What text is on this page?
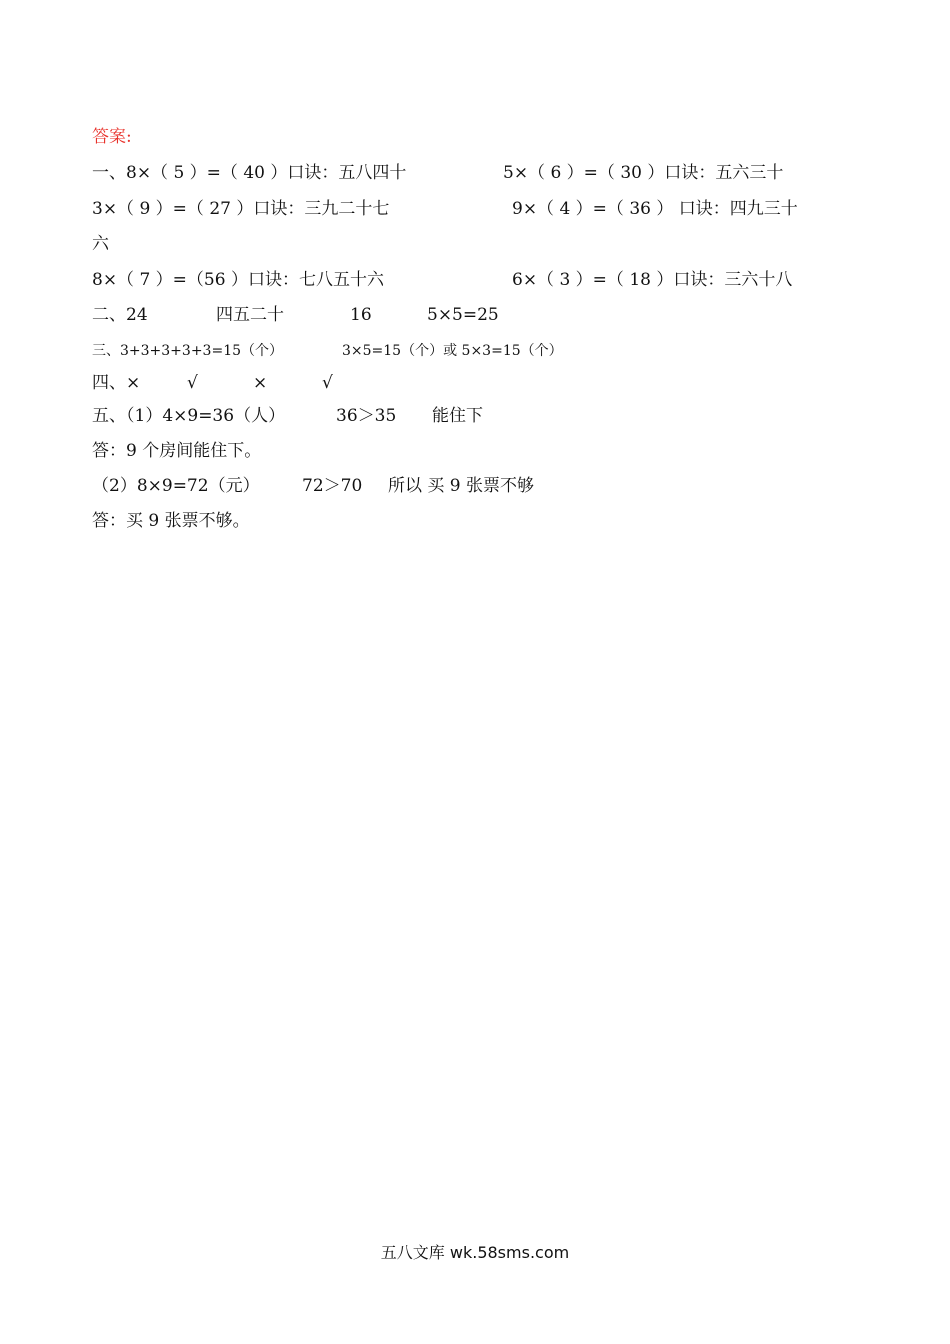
答案:
一、8×（ 5 ）=（ 40 ）口诀：五八四十	5×（ 6 ）=（ 30 ）口诀：五六三十
3×（ 9 ）=（ 27 ）口诀：三九二十七	9×（ 4 ）=（ 36 ） 口诀：四九三十
六
8×（ 7 ）=（56 ）口诀：七八五十六	6×（ 3 ）=（ 18 ）口诀：三六十八
二、24	四五二十	16	5×5=25
三、3+3+3+3+3=15（个）	3×5=15（个）或 5×3=15（个）
四、×	√	×	√
五、（1）4×9=36（人）	36＞35 能住下
答：9 个房间能住下。
（2）8×9=72（元） 72＞70 所以 买 9 张票不够
答：买 9 张票不够。
五八文库 wk.58sms.com
